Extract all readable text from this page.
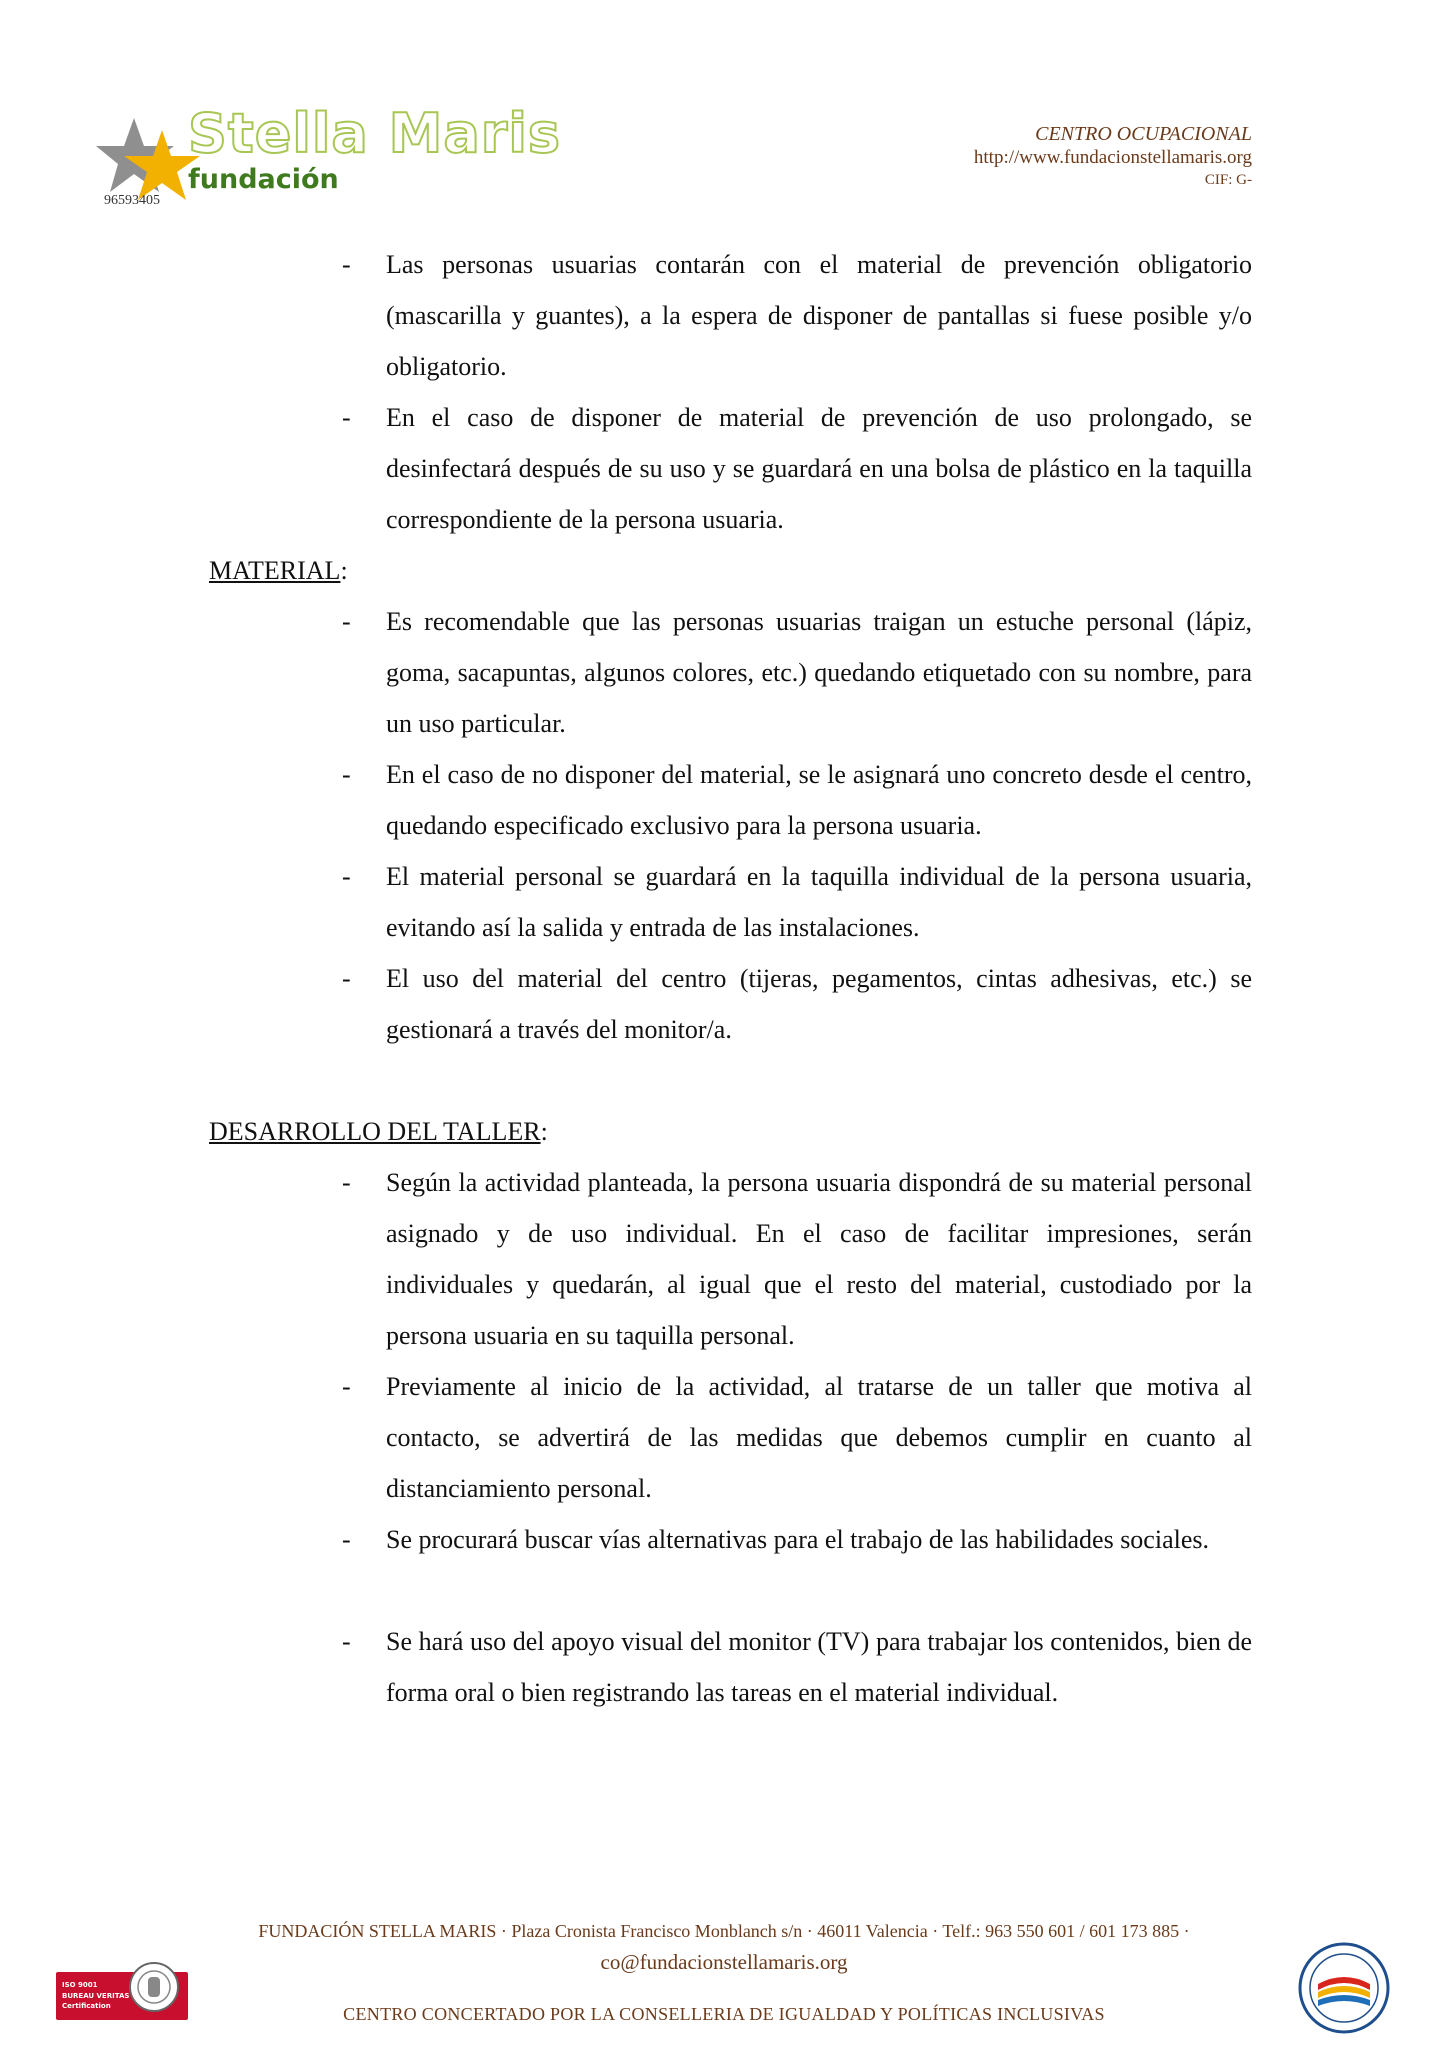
Stella Maris
fundación
96593405
CENTRO OCUPACIONAL
http://www.fundacionstellamaris.org
CIF: G-
- Las personas usuarias contarán con el material de prevención obligatorio (mascarilla y guantes), a la espera de disponer de pantallas si fuese posible y/o obligatorio.
- En el caso de disponer de material de prevención de uso prolongado, se desinfectará después de su uso y se guardará en una bolsa de plástico en la taquilla correspondiente de la persona usuaria.
MATERIAL:
- Es recomendable que las personas usuarias traigan un estuche personal (lápiz, goma, sacapuntas, algunos colores, etc.) quedando etiquetado con su nombre, para un uso particular.
- En el caso de no disponer del material, se le asignará uno concreto desde el centro, quedando especificado exclusivo para la persona usuaria.
- El material personal se guardará en la taquilla individual de la persona usuaria, evitando así la salida y entrada de las instalaciones.
- El uso del material del centro (tijeras, pegamentos, cintas adhesivas, etc.) se gestionará a través del monitor/a.
DESARROLLO DEL TALLER:
- Según la actividad planteada, la persona usuaria dispondrá de su material personal asignado y de uso individual. En el caso de facilitar impresiones, serán individuales y quedarán, al igual que el resto del material, custodiado por la persona usuaria en su taquilla personal.
- Previamente al inicio de la actividad, al tratarse de un taller que motiva al contacto, se advertirá de las medidas que debemos cumplir en cuanto al distanciamiento personal.
- Se procurará buscar vías alternativas para el trabajo de las habilidades sociales.
- Se hará uso del apoyo visual del monitor (TV) para trabajar los contenidos, bien de forma oral o bien registrando las tareas en el material individual.
FUNDACIÓN STELLA MARIS · Plaza Cronista Francisco Monblanch s/n · 46011 Valencia · Telf.: 963 550 601 / 601 173 885 ·
co@fundacionstellamaris.org
CENTRO CONCERTADO POR LA CONSELLERIA DE IGUALDAD Y POLÍTICAS INCLUSIVAS
ISO 9001
BUREAU VERITAS
Certification
